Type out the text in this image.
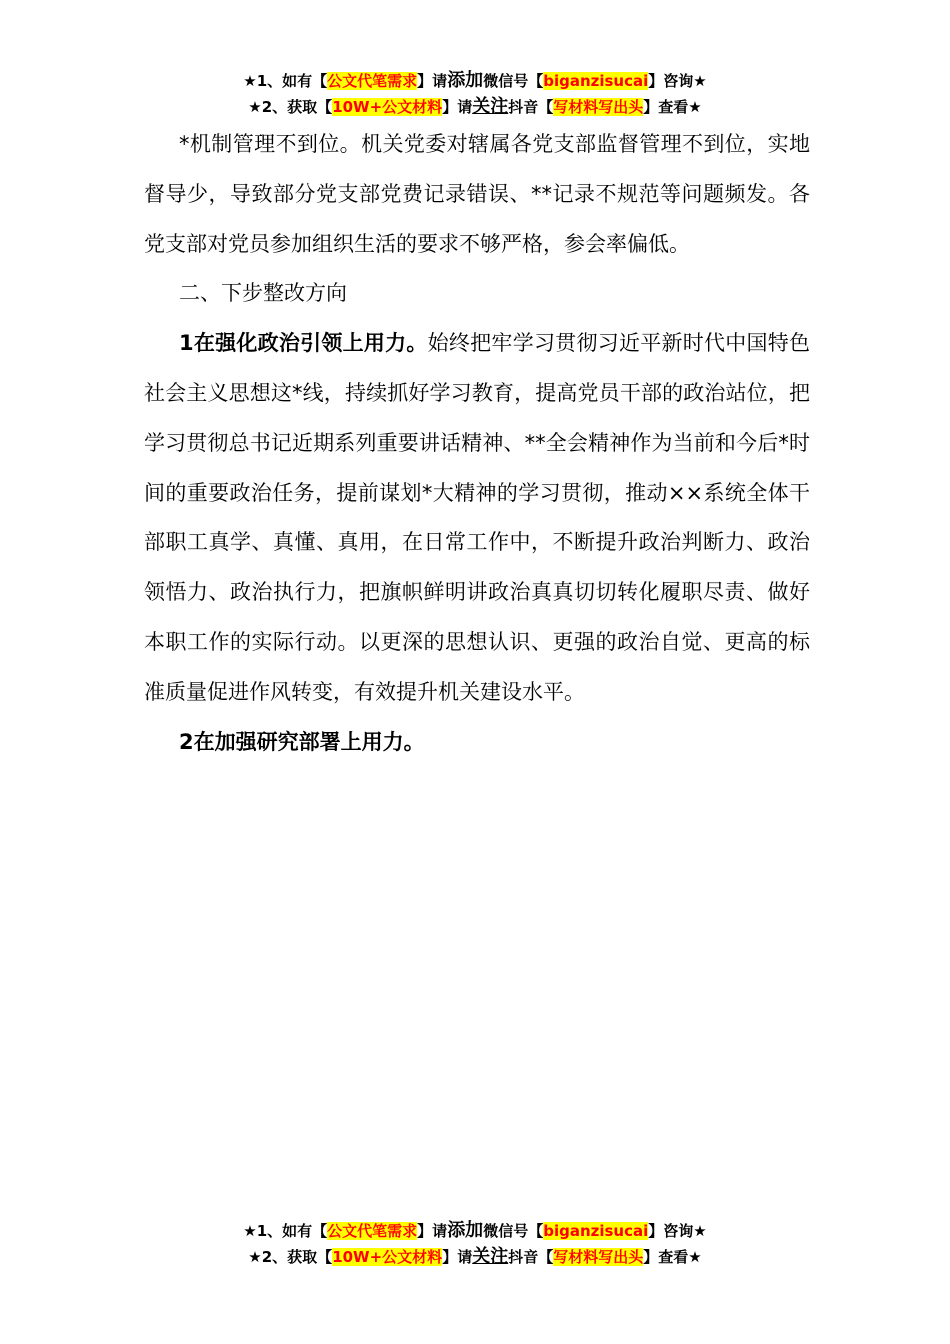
★1、如有【公文代笔需求】请添加微信号【biganzisucai】咨询★
★2、获取【10W+公文材料】请关注抖音【写材料写出头】查看★

*机制管理不到位。机关党委对辖属各党支部监督管理不到位，实地督导少，导致部分党支部党费记录错误、**记录不规范等问题频发。各党支部对党员参加组织生活的要求不够严格，参会率偏低。

二、下步整改方向

1在强化政治引领上用力。始终把牢学习贯彻习近平新时代中国特色社会主义思想这*线，持续抓好学习教育，提高党员干部的政治站位，把学习贯彻总书记近期系列重要讲话精神、**全会精神作为当前和今后*时间的重要政治任务，提前谋划*大精神的学习贯彻，推动××系统全体干部职工真学、真懂、真用，在日常工作中，不断提升政治判断力、政治领悟力、政治执行力，把旗帜鲜明讲政治真真切切转化履职尽责、做好本职工作的实际行动。以更深的思想认识、更强的政治自觉、更高的标准质量促进作风转变，有效提升机关建设水平。

2在加强研究部署上用力。

★1、如有【公文代笔需求】请添加微信号【biganzisucai】咨询★
★2、获取【10W+公文材料】请关注抖音【写材料写出头】查看★
